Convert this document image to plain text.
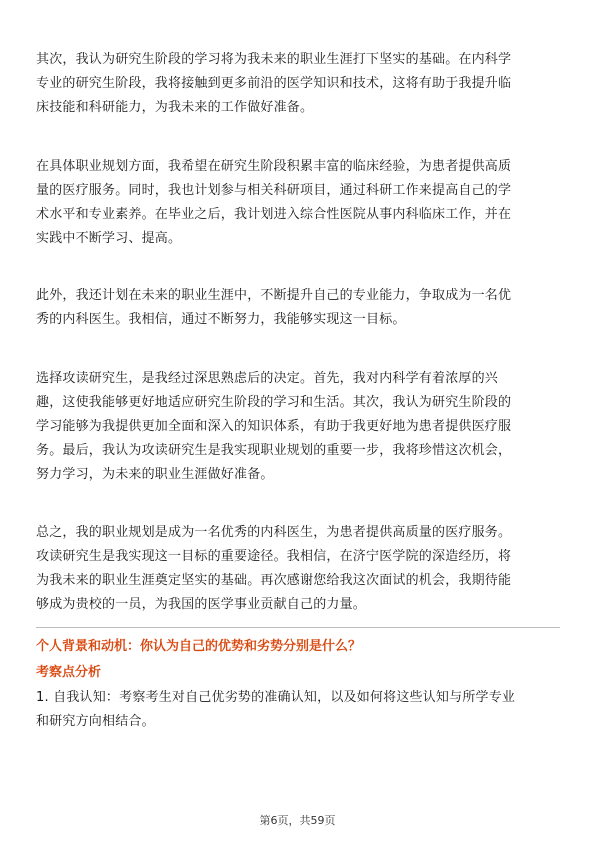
其次，我认为研究生阶段的学习将为我未来的职业生涯打下坚实的基础。在内科学
专业的研究生阶段，我将接触到更多前沿的医学知识和技术，这将有助于我提升临
床技能和科研能力，为我未来的工作做好准备。

在具体职业规划方面，我希望在研究生阶段积累丰富的临床经验，为患者提供高质
量的医疗服务。同时，我也计划参与相关科研项目，通过科研工作来提高自己的学
术水平和专业素养。在毕业之后，我计划进入综合性医院从事内科临床工作，并在
实践中不断学习、提高。

此外，我还计划在未来的职业生涯中，不断提升自己的专业能力，争取成为一名优
秀的内科医生。我相信，通过不断努力，我能够实现这一目标。

选择攻读研究生，是我经过深思熟虑后的决定。首先，我对内科学有着浓厚的兴
趣，这使我能够更好地适应研究生阶段的学习和生活。其次，我认为研究生阶段的
学习能够为我提供更加全面和深入的知识体系，有助于我更好地为患者提供医疗服
务。最后，我认为攻读研究生是我实现职业规划的重要一步，我将珍惜这次机会，
努力学习，为未来的职业生涯做好准备。

总之，我的职业规划是成为一名优秀的内科医生，为患者提供高质量的医疗服务。
攻读研究生是我实现这一目标的重要途径。我相信，在济宁医学院的深造经历，将
为我未来的职业生涯奠定坚实的基础。再次感谢您给我这次面试的机会，我期待能
够成为贵校的一员，为我国的医学事业贡献自己的力量。

个人背景和动机：你认为自己的优势和劣势分别是什么？

考察点分析

1. 自我认知：考察考生对自己优劣势的准确认知，以及如何将这些认知与所学专业
和研究方向相结合。

第6页，共59页
